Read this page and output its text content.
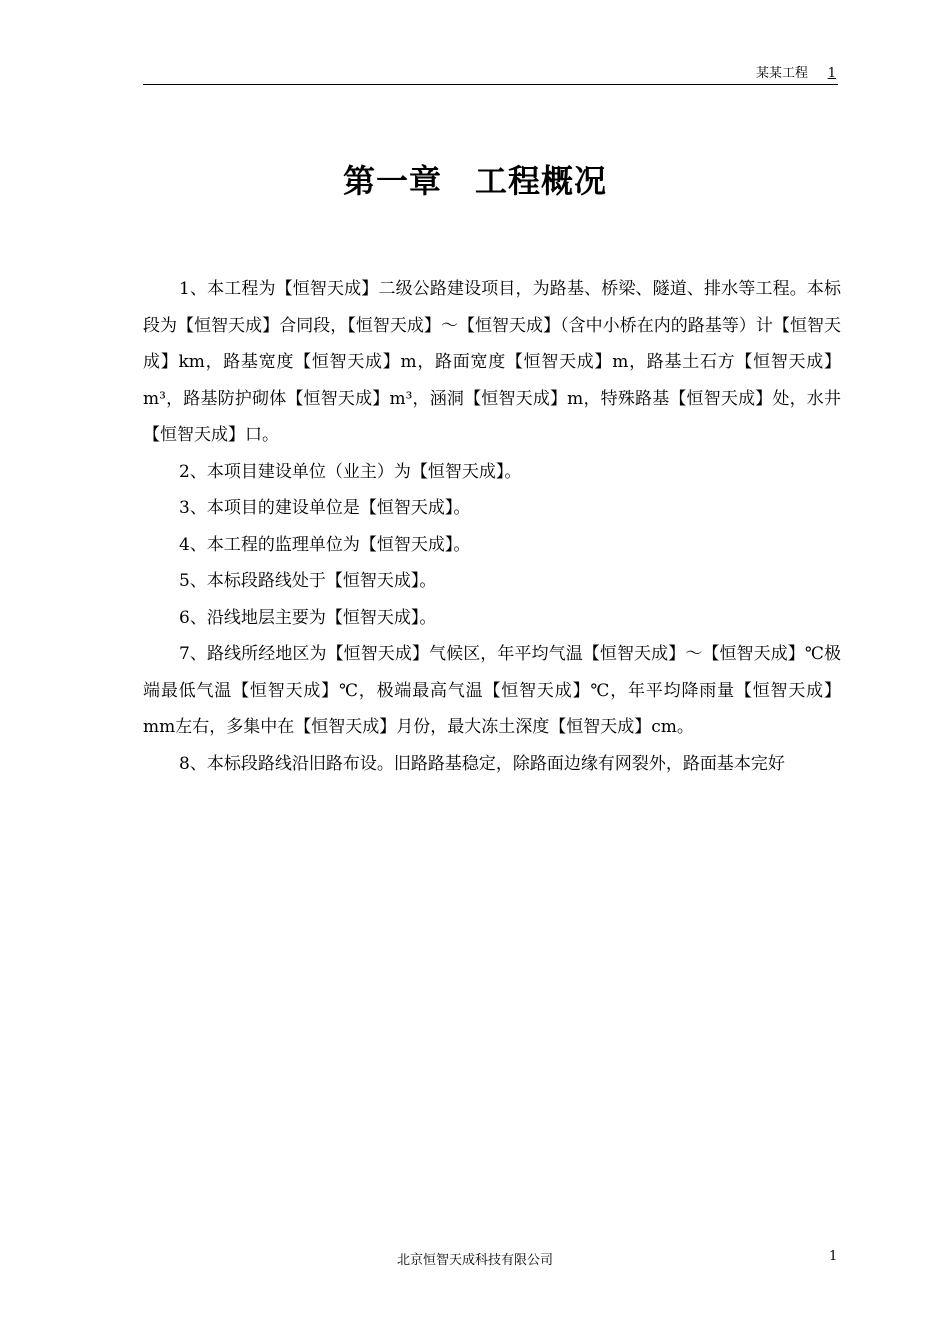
某某工程 1
第一章　工程概况

1、本工程为【恒智天成】二级公路建设项目，为路基、桥梁、隧道、排水等工程。本标段为【恒智天成】合同段，【恒智天成】～【恒智天成】（含中小桥在内的路基等）计【恒智天成】km，路基宽度【恒智天成】m，路面宽度【恒智天成】m，路基土石方【恒智天成】m³，路基防护砌体【恒智天成】m³，涵洞【恒智天成】m，特殊路基【恒智天成】处，水井【恒智天成】口。

2、本项目建设单位（业主）为【恒智天成】。

3、本项目的建设单位是【恒智天成】。

4、本工程的监理单位为【恒智天成】。

5、本标段路线处于【恒智天成】。

6、沿线地层主要为【恒智天成】。

7、路线所经地区为【恒智天成】气候区，年平均气温【恒智天成】～【恒智天成】℃极端最低气温【恒智天成】℃，极端最高气温【恒智天成】℃，年平均降雨量【恒智天成】mm左右，多集中在【恒智天成】月份，最大冻土深度【恒智天成】cm。

8、本标段路线沿旧路布设。旧路路基稳定，除路面边缘有网裂外，路面基本完好

北京恒智天成科技有限公司	1
